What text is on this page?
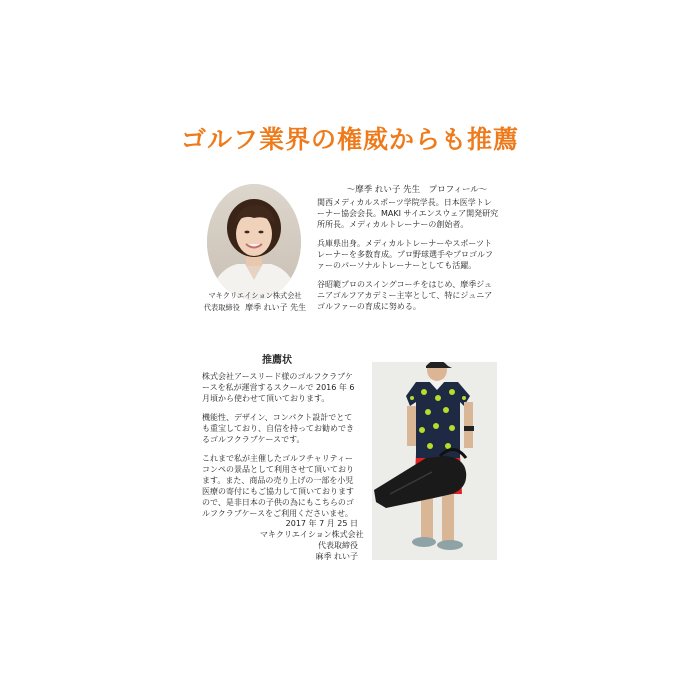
ゴルフ業界の権威からも推薦
マキクリエイション株式会社
代表取締役 摩季 れい子 先生
〜摩季 れい子 先生　プロフィール〜

関西メディカルスポーツ学院学長。日本医学トレーナー協会会長。MAKI サイエンスウェア開発研究所所長。メディカルトレーナーの創始者。

兵庫県出身。メディカルトレーナーやスポーツトレーナーを多数育成。プロ野球選手やプロゴルファーのパーソナルトレーナーとしても活躍。

谷昭範プロのスイングコーチをはじめ、摩季ジュニアゴルフアカデミー主宰として、特にジュニアゴルファーの育成に努める。

推薦状

株式会社アースリード様のゴルフクラブケースを私が運営するスクールで 2016 年 6 月頃から使わせて頂いております。

機能性、デザイン、コンパクト設計でとても重宝しており、自信を持ってお勧めできるゴルフクラブケースです。

これまで私が主催したゴルフチャリティーコンペの景品として利用させて頂いております。また、商品の売り上げの一部を小児医療の寄付にもご協力して頂いておりますので、是非日本の子供の為にもこちらのゴルフクラブケースをご利用くださいませ。

2017 年 7 月 25 日
マキクリエイション株式会社
代表取締役
麻季 れい子
